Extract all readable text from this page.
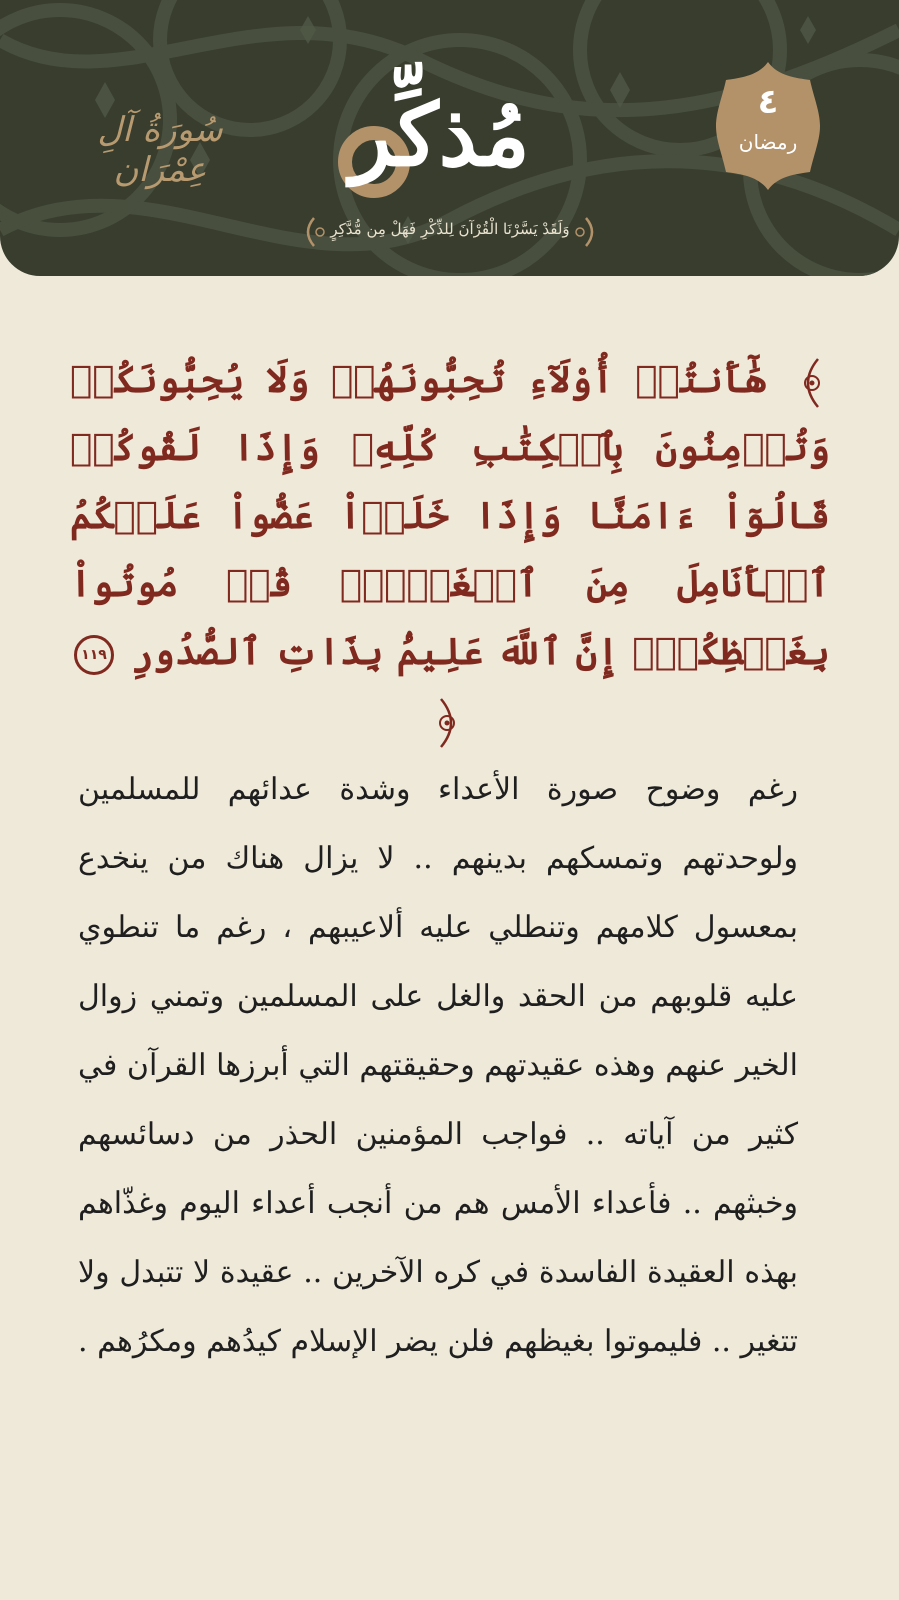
سُورَةُ آلِ عِمْرَان	مُذكِّر
وَلَقَدْ يَسَّرْنَا الْقُرْآنَ لِلذِّكْرِ فَهَلْ مِن مُّدَّكِرٍ
٤
رمضان
هَٰٓأَنتُمۡ أُوْلَآءِ تُحِبُّونَهُمۡ وَلَا يُحِبُّونَكُمۡ وَتُؤۡمِنُونَ بِٱلۡكِتَٰبِ كُلِّهِۦ وَإِذَا لَقُوكُمۡ قَالُوٓاْ ءَامَنَّا وَإِذَا خَلَوۡاْ عَضُّواْ عَلَيۡكُمُ ٱلۡأَنَامِلَ مِنَ ٱلۡغَيۡظِۚ قُلۡ مُوتُواْ بِغَيۡظِكُمۡۗ إِنَّ ٱللَّهَ عَلِيمُۢ بِذَاتِ ٱلصُّدُورِ ١١٩
رغم وضوح صورة الأعداء وشدة عدائهم للمسلمين ولوحدتهم وتمسكهم بدينهم .. لا يزال هناك من ينخدع بمعسول كلامهم وتنطلي عليه ألاعيبهم ، رغم ما تنطوي عليه قلوبهم من الحقد والغل على المسلمين وتمني زوال الخير عنهم وهذه عقيدتهم وحقيقتهم التي أبرزها القرآن في كثير من آياته .. فواجب المؤمنين الحذر من دسائسهم وخبثهم .. فأعداء الأمس هم من أنجب أعداء اليوم وغذّاهم بهذه العقيدة الفاسدة في كره الآخرين .. عقيدة لا تتبدل ولا تتغير .. فليموتوا بغيظهم فلن يضر الإسلام كيدُهم ومكرُهم .
